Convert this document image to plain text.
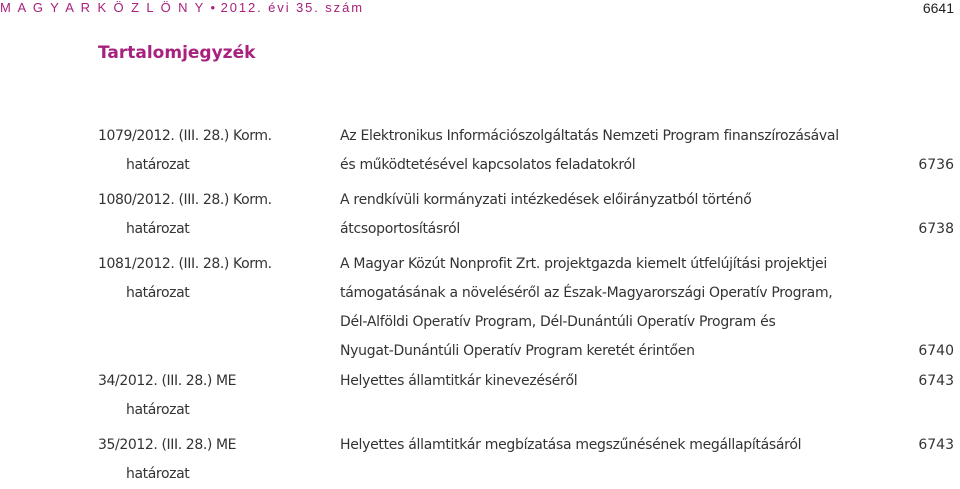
M A G Y A R K Ö Z L Ö N Y • 2012. évi 35. szám	6641
Tartalomjegyzék
1079/2012. (III. 28.) Korm.
határozat
Az Elektronikus Információszolgáltatás Nemzeti Program finanszírozásával
és működtetésével kapcsolatos feladatokról	6736
1080/2012. (III. 28.) Korm.
határozat
A rendkívüli kormányzati intézkedések előirányzatból történő
átcsoportosításról	6738
1081/2012. (III. 28.) Korm.
határozat
A Magyar Közút Nonprofit Zrt. projektgazda kiemelt útfelújítási projektjei
támogatásának a növeléséről az Észak-Magyarországi Operatív Program,
Dél-Alföldi Operatív Program, Dél-Dunántúli Operatív Program és
Nyugat-Dunántúli Operatív Program keretét érintően	6740
34/2012. (III. 28.) ME
határozat
Helyettes államtitkár kinevezéséről	6743
35/2012. (III. 28.) ME
határozat
Helyettes államtitkár megbízatása megszűnésének megállapításáról	6743
